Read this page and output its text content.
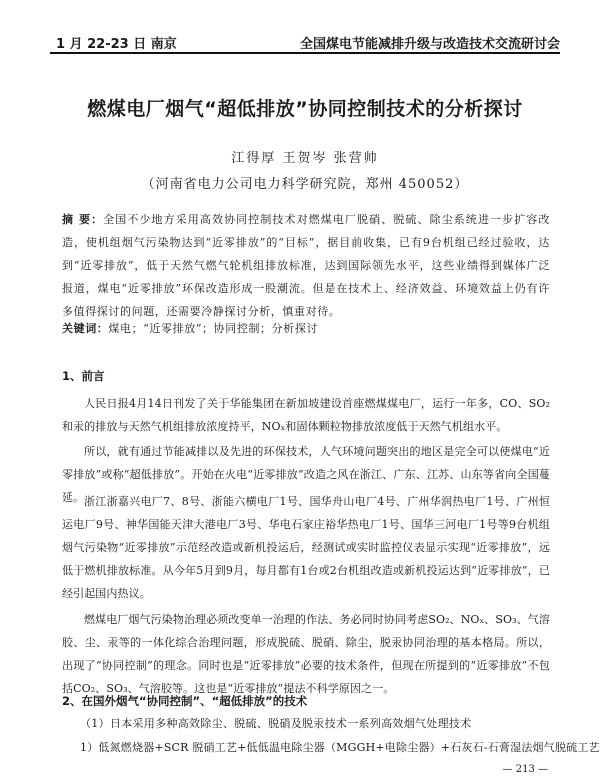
1 月 22-23 日 南京	全国煤电节能减排升级与改造技术交流研讨会
燃煤电厂烟气“超低排放”协同控制技术的分析探讨
江得厚 王贺岑 张营帅
（河南省电力公司电力科学研究院，郑州 450052）
摘 要：全国不少地方采用高效协同控制技术对燃煤电厂脱硝、脱硫、除尘系统进一步扩容改造，使机组烟气污染物达到“近零排放”的“目标”，据目前收集，已有9台机组已经过验收，达到“近零排放”，低于天然气燃气轮机组排放标准，达到国际领先水平，这些业绩得到媒体广泛报道，煤电“近零排放”环保改造形成一股潮流。但是在技术上、经济效益、环境效益上仍有许多值得探讨的问题，还需要冷静探讨分析，慎重对待。
关键词：煤电；“近零排放”；协同控制；分析探讨
1、前言
人民日报4月14日刊发了关于华能集团在新加坡建设首座燃煤煤电厂，运行一年多，CO、SO₂和汞的排放与天然气机组排放浓度持平，NOₓ和固体颗粒物排放浓度低于天然气机组水平。
所以，就有通过节能减排以及先进的环保技术，人气环境问题突出的地区是完全可以使煤电“近零排放”或称“超低排放”。开始在火电“近零排放”改造之风在浙江、广东、江苏、山东等省向全国蔓延。 浙江浙嘉兴电厂7、8号、浙能六横电厂1号、国华舟山电厂4号、广州华润热电厂1号、广州恒运电厂9号、神华国能天津大港电厂3号、华电石家庄裕华热电厂1号、国华三河电厂1号等9台机组烟气污染物“近零排放”示范经改造或新机投运后，经测试或实时监控仪表显示实现“近零排放”，远低于燃机排放标准。从今年5月到9月，每月都有1台或2台机组改造或新机投运达到“近零排放”，已经引起国内热议。
燃煤电厂烟气污染物治理必须改变单一治理的作法、务必同时协同考虑SO₂、NOₓ、SO₃、气溶胶、尘、汞等的一体化综合治理问题，形成脱硫、脱硝、除尘，脱汞协同治理的基本格局。所以，出现了“协同控制”的理念。同时也是“近零排放”必要的技术条件，但现在所提到的“近零排放”不包括CO₂、SO₃、气溶胶等。这也是“近零排放”提法不科学原因之一。
2、在国外烟气“协同控制”、“超低排放”的技术
（1）日本采用多种高效除尘、脱硫、脱硝及脱汞技术一系列高效烟气处理技术
1）低氮燃烧器+SCR 脱硝工艺+低低温电除尘器（MGGH+电除尘器）+石灰石-石膏湿法烟气脱硫工艺
— 213 —
